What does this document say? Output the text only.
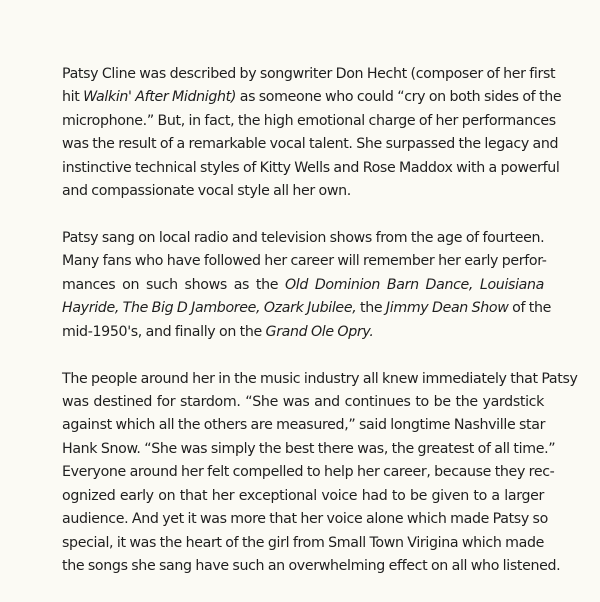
Patsy Cline was described by songwriter Don Hecht (composer of her first
hit Walkin' After Midnight) as someone who could “cry on both sides of the
microphone.” But, in fact, the high emotional charge of her performances
was the result of a remarkable vocal talent. She surpassed the legacy and
instinctive technical styles of Kitty Wells and Rose Maddox with a powerful
and compassionate vocal style all her own.

Patsy sang on local radio and television shows from the age of fourteen.
Many fans who have followed her career will remember her early perfor-
mances on such shows as the Old Dominion Barn Dance, Louisiana
Hayride, The Big D Jamboree, Ozark Jubilee, the Jimmy Dean Show of the
mid-1950's, and finally on the Grand Ole Opry.

The people around her in the music industry all knew immediately that Patsy
was destined for stardom. “She was and continues to be the yardstick
against which all the others are measured,” said longtime Nashville star
Hank Snow. “She was simply the best there was, the greatest of all time.”
Everyone around her felt compelled to help her career, because they rec-
ognized early on that her exceptional voice had to be given to a larger
audience. And yet it was more that her voice alone which made Patsy so
special, it was the heart of the girl from Small Town Virigina which made
the songs she sang have such an overwhelming effect on all who listened.
